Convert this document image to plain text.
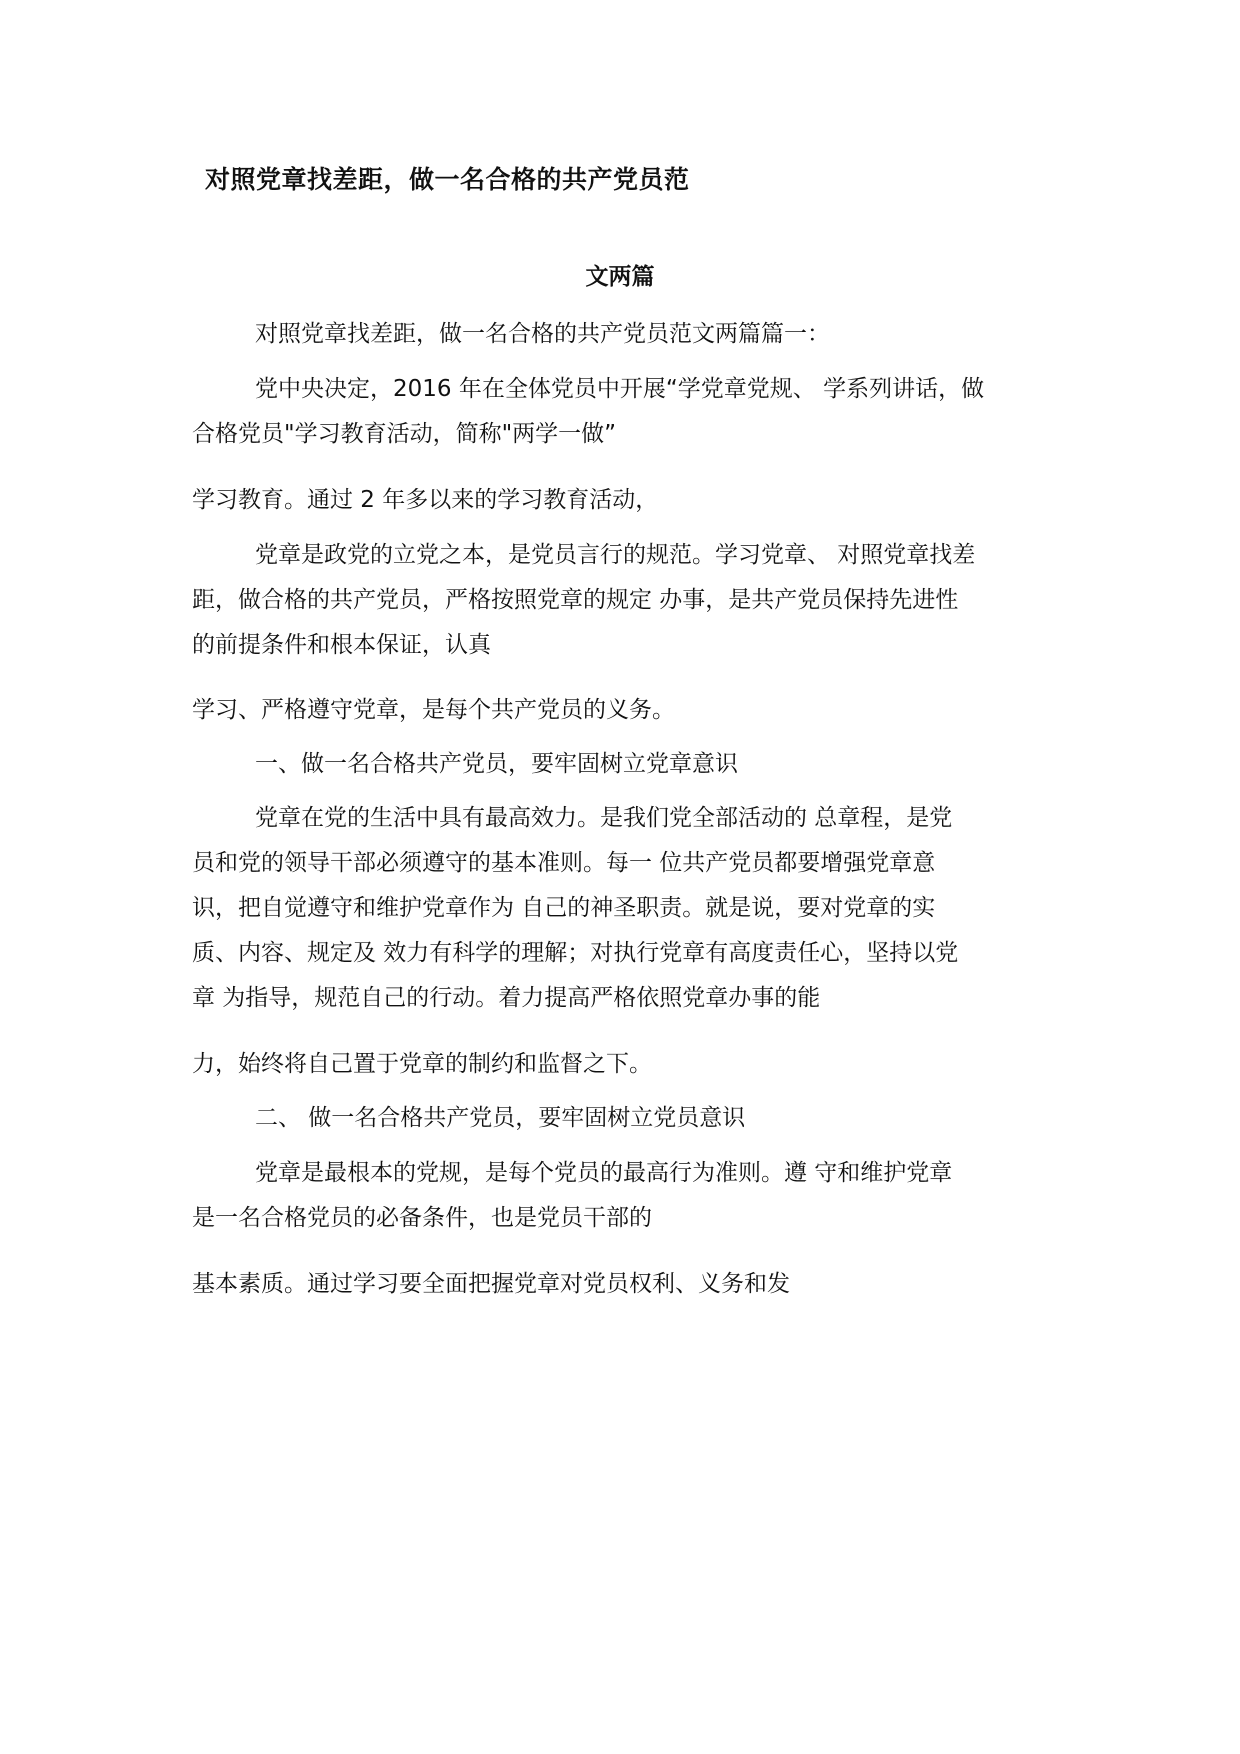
对照党章找差距，做一名合格的共产党员范
文两篇
对照党章找差距，做一名合格的共产党员范文两篇篇一：
党中央决定，2016 年在全体党员中开展“学党章党规、 学系列讲话，做
合格党员"学习教育活动，简称"两学一做”
学习教育。通过 2 年多以来的学习教育活动，
党章是政党的立党之本，是党员言行的规范。学习党章、 对照党章找差
距，做合格的共产党员，严格按照党章的规定 办事，是共产党员保持先进性
的前提条件和根本保证，认真
学习、严格遵守党章，是每个共产党员的义务。
一、做一名合格共产党员，要牢固树立党章意识
党章在党的生活中具有最高效力。是我们党全部活动的 总章程，是党
员和党的领导干部必须遵守的基本准则。每一 位共产党员都要增强党章意
识，把自觉遵守和维护党章作为 自己的神圣职责。就是说，要对党章的实
质、内容、规定及 效力有科学的理解；对执行党章有高度责任心，坚持以党
章 为指导，规范自己的行动。着力提高严格依照党章办事的能
力，始终将自己置于党章的制约和监督之下。
二、 做一名合格共产党员，要牢固树立党员意识
党章是最根本的党规，是每个党员的最高行为准则。遵 守和维护党章
是一名合格党员的必备条件，也是党员干部的
基本素质。通过学习要全面把握党章对党员权利、义务和发
